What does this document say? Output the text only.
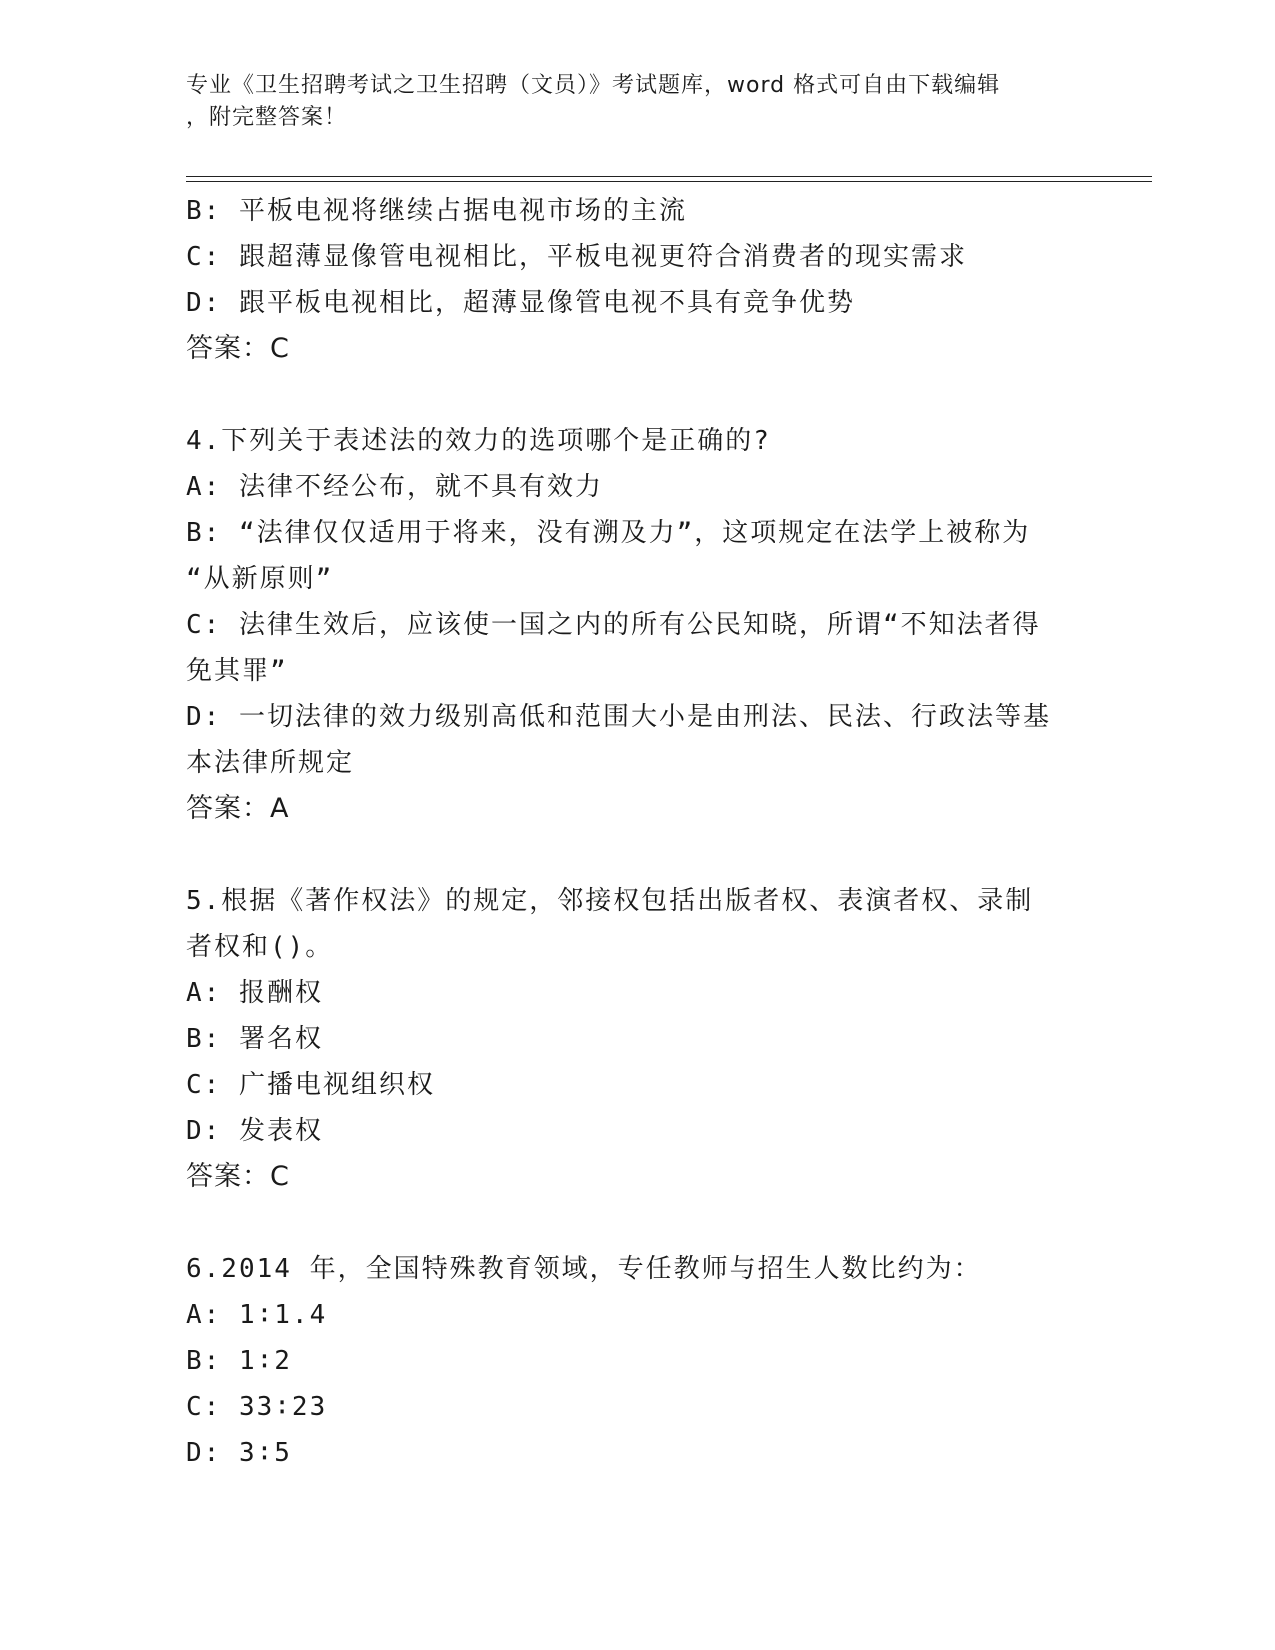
专业《卫生招聘考试之卫生招聘（文员）》考试题库，word 格式可自由下载编辑
，附完整答案！

B: 平板电视将继续占据电视市场的主流

C: 跟超薄显像管电视相比，平板电视更符合消费者的现实需求

D: 跟平板电视相比，超薄显像管电视不具有竞争优势

答案：C

4.下列关于表述法的效力的选项哪个是正确的?

A: 法律不经公布，就不具有效力

B: “法律仅仅适用于将来，没有溯及力”，这项规定在法学上被称为

“从新原则”

C: 法律生效后，应该使一国之内的所有公民知晓，所谓“不知法者得

免其罪”

D: 一切法律的效力级别高低和范围大小是由刑法、民法、行政法等基

本法律所规定

答案：A

5.根据《著作权法》的规定，邻接权包括出版者权、表演者权、录制

者权和()。

A: 报酬权

B: 署名权

C: 广播电视组织权

D: 发表权

答案：C

6.2014 年，全国特殊教育领域，专任教师与招生人数比约为：

A: 1∶1.4

B: 1∶2

C: 33∶23

D: 3∶5
